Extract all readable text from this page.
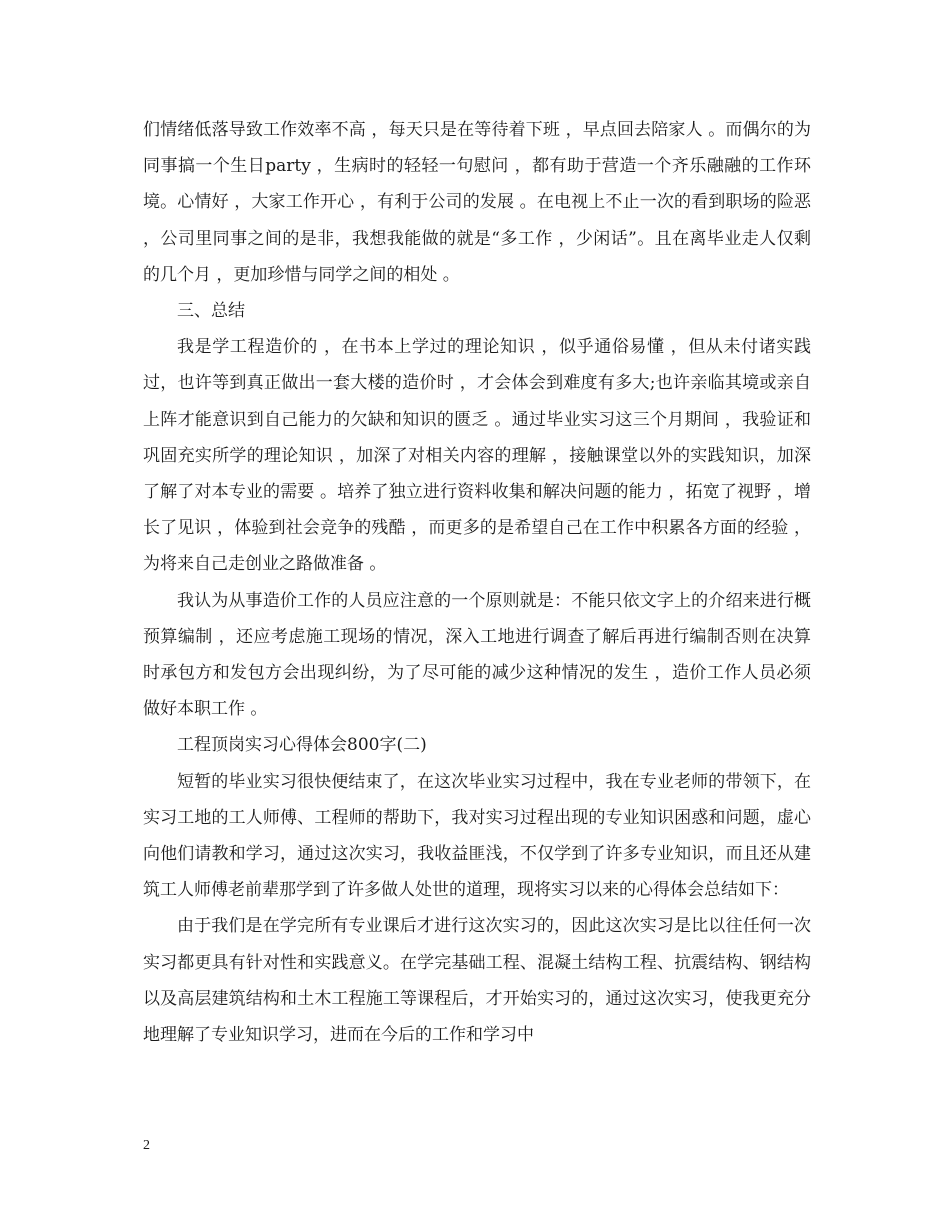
们情绪低落导致工作效率不高 ，每天只是在等待着下班 ，早点回去陪家人 。而偶尔的为同事搞一个生日party ，生病时的轻轻一句慰问 ，都有助于营造一个齐乐融融的工作环境。心情好 ，大家工作开心 ，有利于公司的发展 。在电视上不止一次的看到职场的险恶 ，公司里同事之间的是非，我想我能做的就是“多工作 ，少闲话”。且在离毕业走人仅剩的几个月 ，更加珍惜与同学之间的相处 。

三、总结

我是学工程造价的 ，在书本上学过的理论知识 ，似乎通俗易懂 ，但从未付诸实践过，也许等到真正做出一套大楼的造价时 ，才会体会到难度有多大;也许亲临其境或亲自上阵才能意识到自己能力的欠缺和知识的匮乏 。通过毕业实习这三个月期间 ，我验证和巩固充实所学的理论知识 ，加深了对相关内容的理解 ，接触课堂以外的实践知识，加深了解了对本专业的需要 。培养了独立进行资料收集和解决问题的能力 ，拓宽了视野 ，增长了见识 ，体验到社会竞争的残酷 ，而更多的是希望自己在工作中积累各方面的经验 ，为将来自己走创业之路做准备 。

我认为从事造价工作的人员应注意的一个原则就是：不能只依文字上的介绍来进行概预算编制 ，还应考虑施工现场的情况，深入工地进行调查了解后再进行编制否则在决算时承包方和发包方会出现纠纷，为了尽可能的减少这种情况的发生 ，造价工作人员必须做好本职工作 。

工程顶岗实习心得体会800字(二)

短暂的毕业实习很快便结束了，在这次毕业实习过程中，我在专业老师的带领下，在实习工地的工人师傅、工程师的帮助下，我对实习过程出现的专业知识困惑和问题，虚心向他们请教和学习，通过这次实习，我收益匪浅，不仅学到了许多专业知识，而且还从建筑工人师傅老前辈那学到了许多做人处世的道理，现将实习以来的心得体会总结如下：

由于我们是在学完所有专业课后才进行这次实习的，因此这次实习是比以往任何一次实习都更具有针对性和实践意义。在学完基础工程、混凝土结构工程、抗震结构、钢结构以及高层建筑结构和土木工程施工等课程后，才开始实习的，通过这次实习，使我更充分地理解了专业知识学习，进而在今后的工作和学习中

2
